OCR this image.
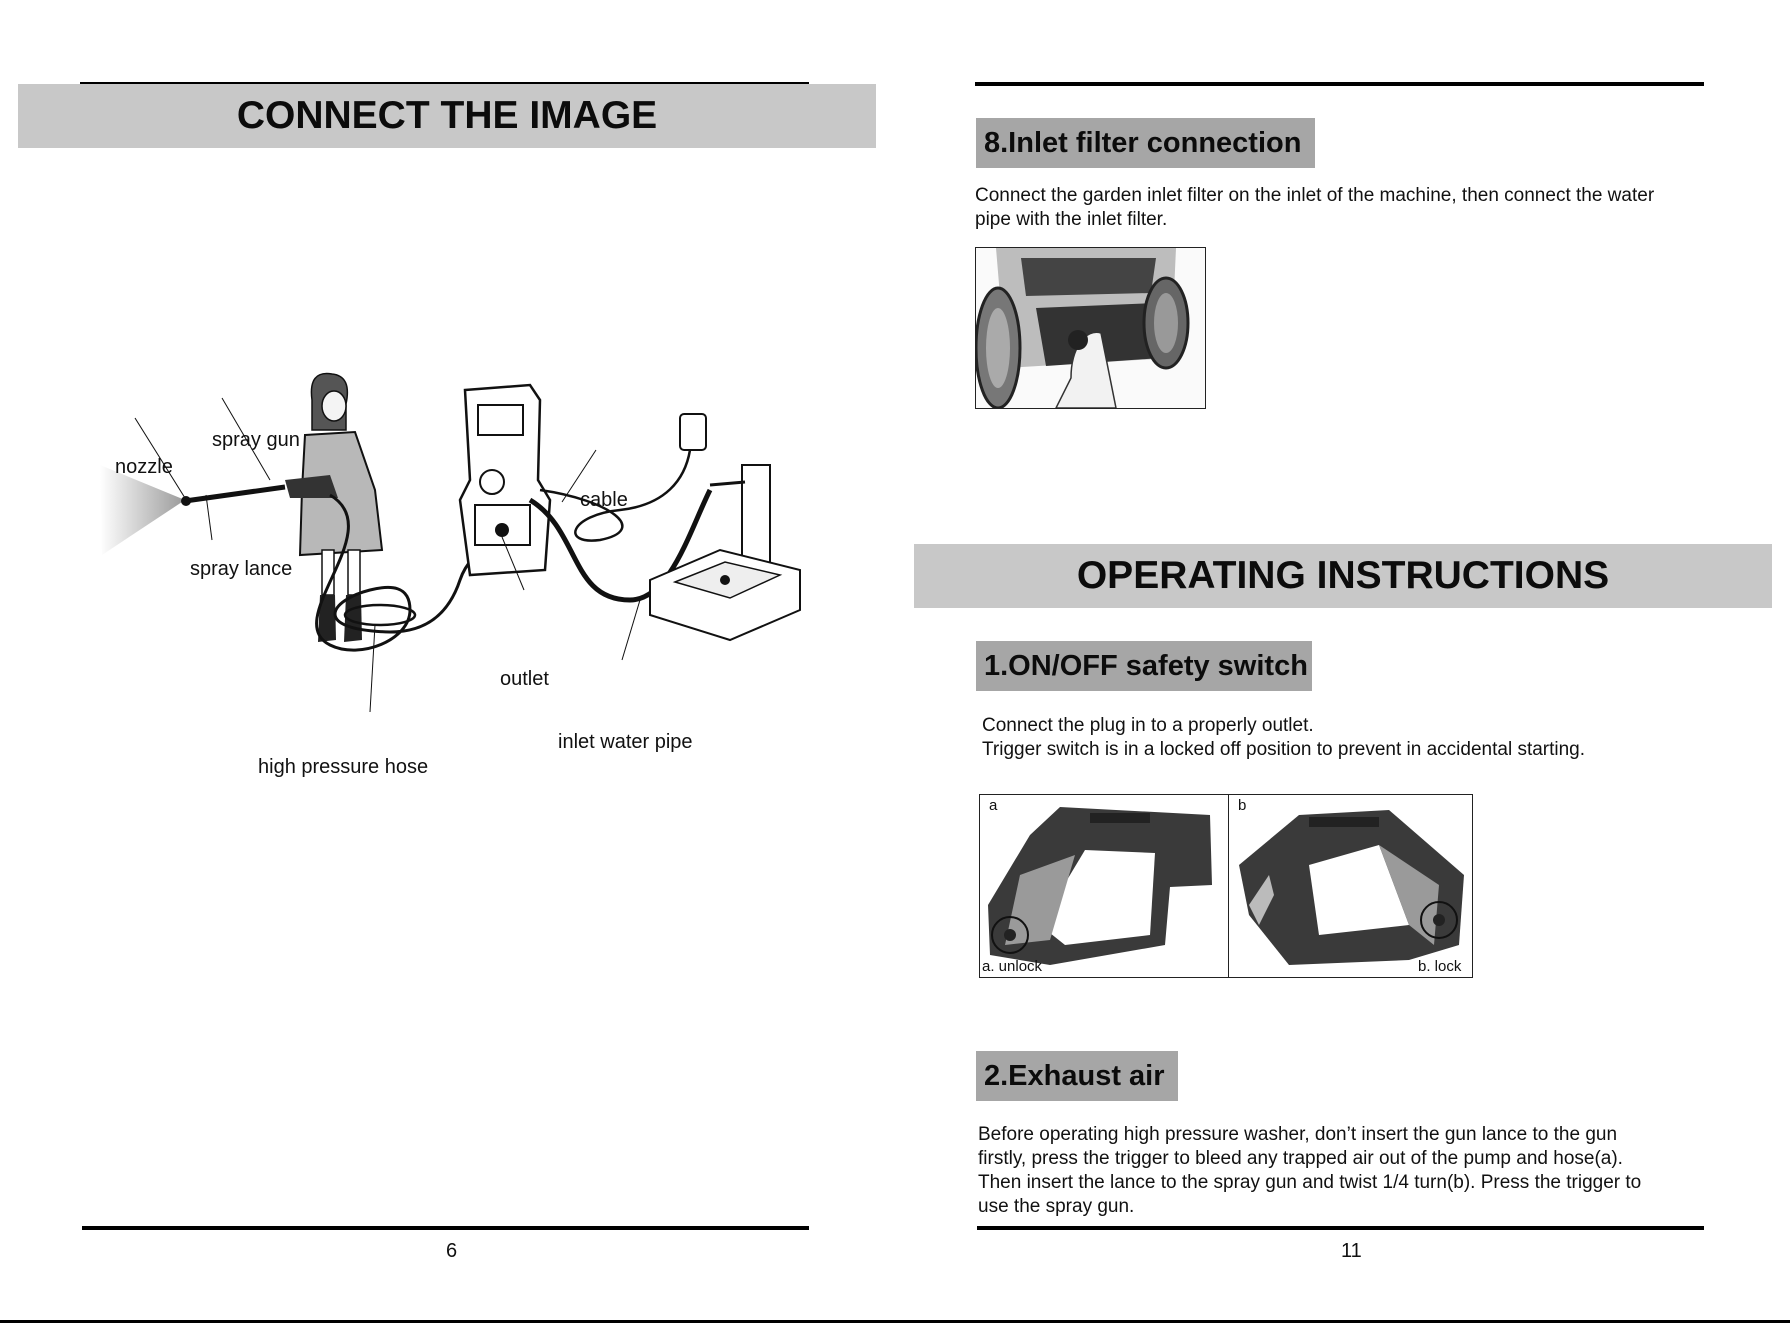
CONNECT THE IMAGE
nozzle
spray gun
spray lance
cable
outlet
inlet water pipe
high pressure hose
6
8.Inlet filter connection
Connect the garden inlet filter on the inlet of the machine, then connect the water
pipe with the inlet filter.
OPERATING INSTRUCTIONS
1.ON/OFF safety switch
Connect the plug in to a properly outlet.
Trigger switch is in a locked off position to prevent in accidental starting.
a	b
a. unlock	b. lock
2.Exhaust air
Before operating high pressure washer, don’t insert the gun lance to the gun
firstly, press the trigger to bleed any trapped air out of the pump and hose(a).
Then insert the lance to the spray gun and twist 1/4 turn(b). Press the trigger to
use the spray gun.
11
